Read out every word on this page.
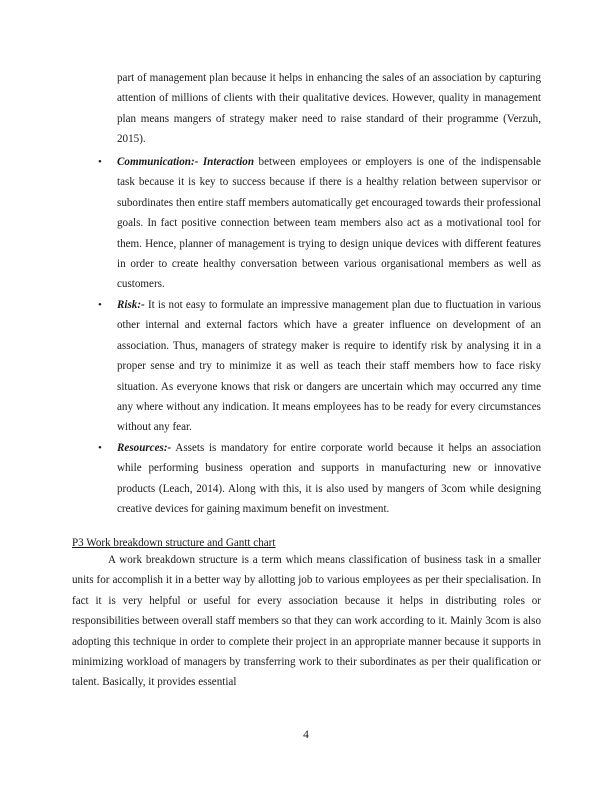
part of management plan because it helps in enhancing the sales of an association by capturing attention of millions of clients with their qualitative devices. However, quality in management plan means mangers of strategy maker need to raise standard of their programme (Verzuh, 2015).

• Communication:- Interaction between employees or employers is one of the indispensable task because it is key to success because if there is a healthy relation between supervisor or subordinates then entire staff members automatically get encouraged towards their professional goals. In fact positive connection between team members also act as a motivational tool for them. Hence, planner of management is trying to design unique devices with different features in order to create healthy conversation between various organisational members as well as customers.

• Risk:- It is not easy to formulate an impressive management plan due to fluctuation in various other internal and external factors which have a greater influence on development of an association. Thus, managers of strategy maker is require to identify risk by analysing it in a proper sense and try to minimize it as well as teach their staff members how to face risky situation. As everyone knows that risk or dangers are uncertain which may occurred any time any where without any indication. It means employees has to be ready for every circumstances without any fear.

• Resources:- Assets is mandatory for entire corporate world because it helps an association while performing business operation and supports in manufacturing new or innovative products (Leach, 2014). Along with this, it is also used by mangers of 3com while designing creative devices for gaining maximum benefit on investment.

P3 Work breakdown structure and Gantt chart

A work breakdown structure is a term which means classification of business task in a smaller units for accomplish it in a better way by allotting job to various employees as per their specialisation. In fact it is very helpful or useful for every association because it helps in distributing roles or responsibilities between overall staff members so that they can work according to it. Mainly 3com is also adopting this technique in order to complete their project in an appropriate manner because it supports in minimizing workload of managers by transferring work to their subordinates as per their qualification or talent. Basically, it provides essential

4
